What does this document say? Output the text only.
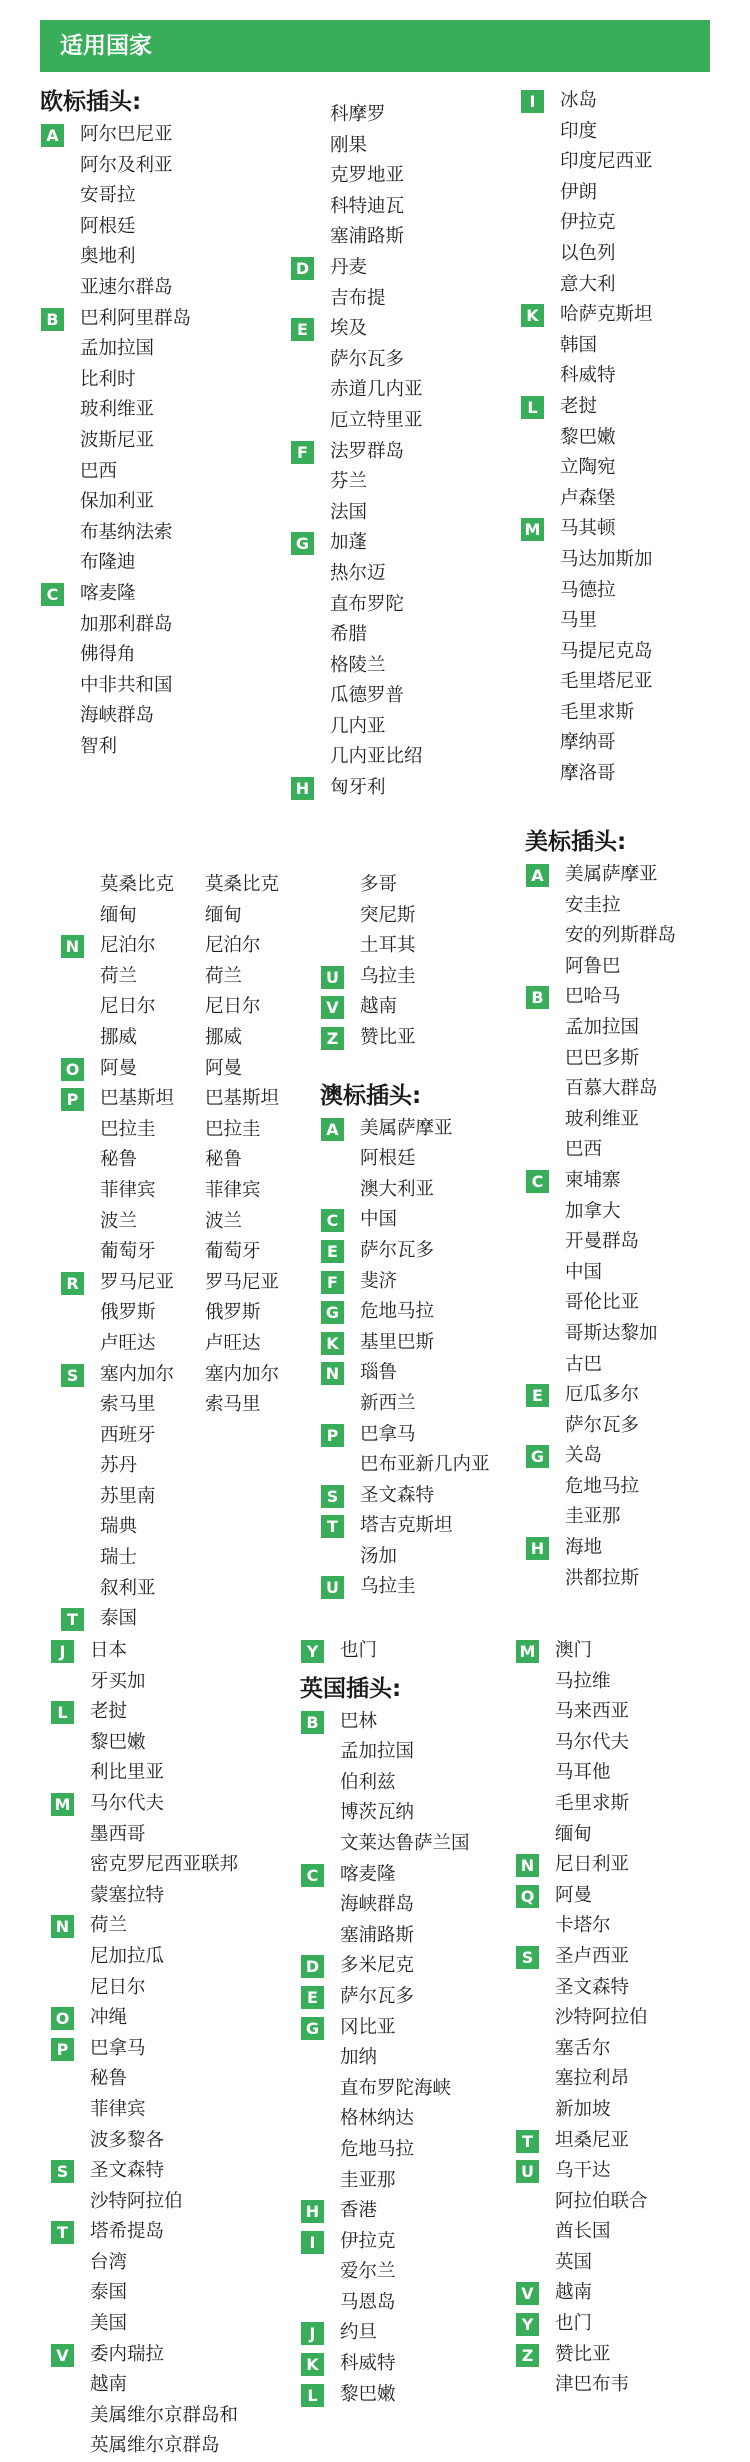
适用国家
欧标插头:
A 阿尔巴尼亚
阿尔及利亚
安哥拉
阿根廷
奥地利
亚速尔群岛
B 巴利阿里群岛
孟加拉国
比利时
玻利维亚
波斯尼亚
巴西
保加利亚
布基纳法索
布隆迪
C	喀麦隆
加那利群岛
佛得角
中非共和国
海峡群岛
智利
科摩罗
刚果
克罗地亚
科特迪瓦
塞浦路斯
D 丹麦
吉布提
E	埃及
萨尔瓦多
赤道几内亚
厄立特里亚
F	法罗群岛
芬兰
法国
G 加蓬
热尔迈
直布罗陀
希腊
格陵兰
瓜德罗普
几内亚
几内亚比绍
H 匈牙利
I	冰岛
印度
印度尼西亚
伊朗
伊拉克
以色列
意大利
K 哈萨克斯坦
韩国
科威特
L	老挝
黎巴嫩
立陶宛
卢森堡
M 马其顿
马达加斯加
马德拉
马里
马提尼克岛
毛里塔尼亚
毛里求斯
摩纳哥
摩洛哥
美标插头:
A 美属萨摩亚
安圭拉
安的列斯群岛
阿鲁巴
B 巴哈马
孟加拉国
巴巴多斯
百慕大群岛
玻利维亚
巴西
C	柬埔寨
加拿大
开曼群岛
中国
哥伦比亚
哥斯达黎加
古巴
E	厄瓜多尔
萨尔瓦多
G 关岛
危地马拉
圭亚那
H 海地
洪都拉斯
莫桑比克
缅甸
N 尼泊尔
荷兰
尼日尔
挪威
O 阿曼
P	巴基斯坦
巴拉圭
秘鲁
菲律宾
波兰
葡萄牙
R 罗马尼亚
俄罗斯
卢旺达
S	塞内加尔
索马里
西班牙
苏丹
苏里南
瑞典
瑞士
叙利亚
T	泰国
莫桑比克
缅甸
尼泊尔
荷兰
尼日尔
挪威
阿曼
巴基斯坦
巴拉圭
秘鲁
菲律宾
波兰
葡萄牙
罗马尼亚
俄罗斯
卢旺达
塞内加尔
索马里
多哥
突尼斯
土耳其
U 乌拉圭
V 越南
Z	赞比亚
澳标插头:
A 美属萨摩亚
阿根廷
澳大利亚
C	中国
E	萨尔瓦多
F	斐济
G 危地马拉
K 基里巴斯
N 瑙鲁
新西兰
P	巴拿马
巴布亚新几内亚
S	圣文森特
T	塔吉克斯坦
汤加
U 乌拉圭
J	日本
牙买加
L	老挝
黎巴嫩
利比里亚
M 马尔代夫
墨西哥
密克罗尼西亚联邦
蒙塞拉特
N 荷兰
尼加拉瓜
尼日尔
O 冲绳
P	巴拿马
秘鲁
菲律宾
波多黎各
S	圣文森特
沙特阿拉伯
T	塔希提岛
台湾
泰国
美国
V 委内瑞拉
越南
美属维尔京群岛和
英属维尔京群岛
Y	也门
英国插头:
B 巴林
孟加拉国
伯利兹
博茨瓦纳
文莱达鲁萨兰国
C	喀麦隆
海峡群岛
塞浦路斯
D 多米尼克
E	萨尔瓦多
G 冈比亚
加纳
直布罗陀海峡
格林纳达
危地马拉
圭亚那
H 香港
I	伊拉克
爱尔兰
马恩岛
J	约旦
K 科威特
L	黎巴嫩
M 澳门
马拉维
马来西亚
马尔代夫
马耳他
毛里求斯
缅甸
N 尼日利亚
Q 阿曼
卡塔尔
S	圣卢西亚
圣文森特
沙特阿拉伯
塞舌尔
塞拉利昂
新加坡
T	坦桑尼亚
U 乌干达
阿拉伯联合
酋长国
英国
V 越南
Y	也门
Z	赞比亚
津巴布韦
